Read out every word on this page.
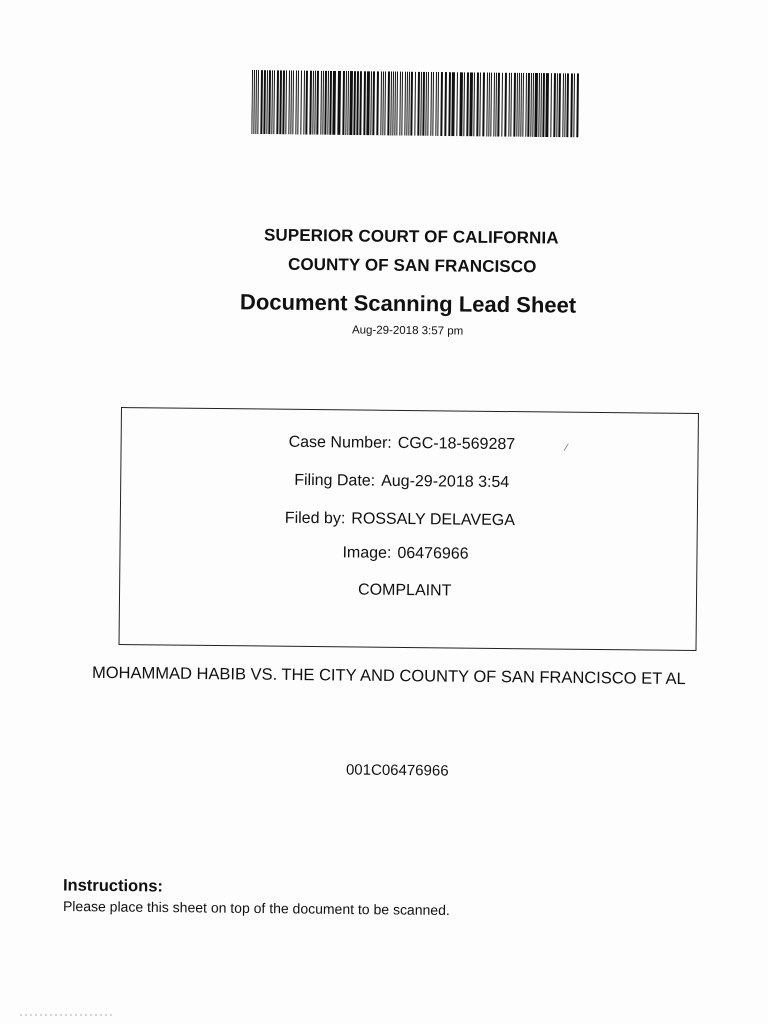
SUPERIOR COURT OF CALIFORNIA
COUNTY OF SAN FRANCISCO
Document Scanning Lead Sheet
Aug-29-2018 3:57 pm
Case Number: CGC-18-569287	∕
Filing Date: Aug-29-2018 3:54
Filed by: ROSSALY DELAVEGA
Image: 06476966
COMPLAINT
MOHAMMAD HABIB VS. THE CITY AND COUNTY OF SAN FRANCISCO ET AL
001C06476966
Instructions:
Please place this sheet on top of the document to be scanned.
